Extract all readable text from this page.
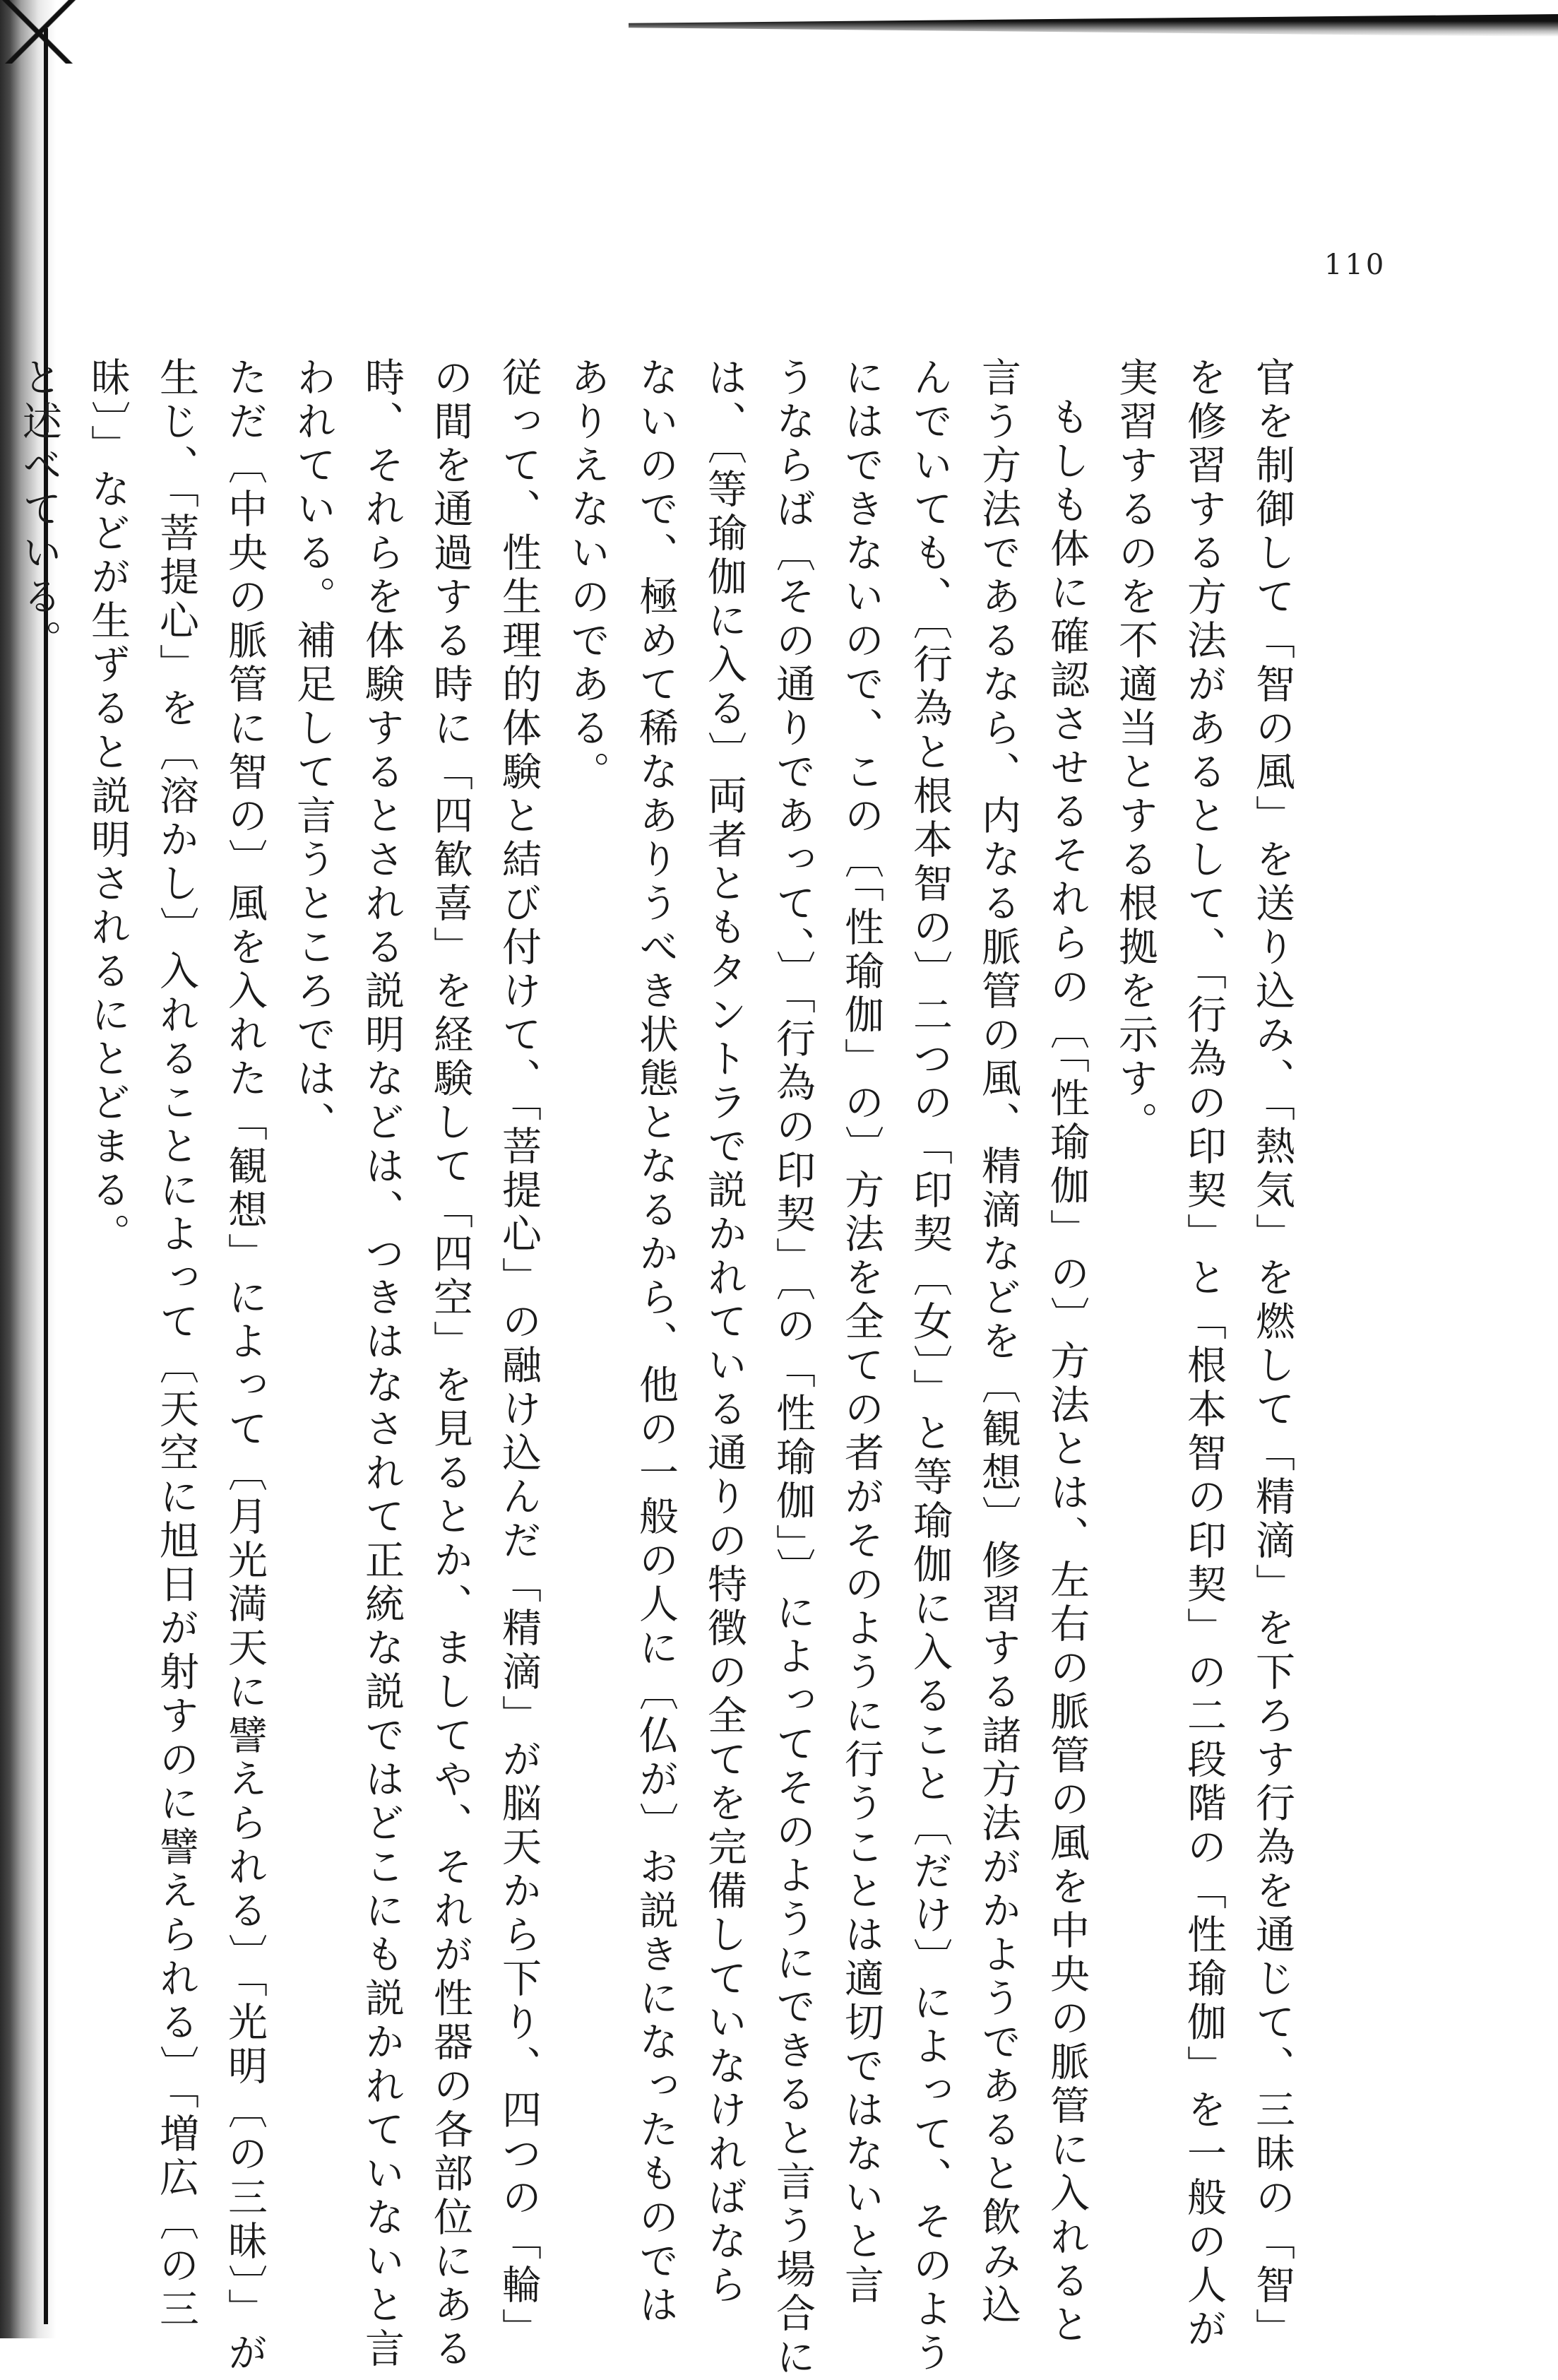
110
官を制御して「智の風」を送り込み、「熱気」を燃して「精滴」を下ろす行為を通じて、三昧の「智」
を修習する方法があるとして、「行為の印契」と「根本智の印契」の二段階の「性瑜伽」を一般の人が
実習するのを不適当とする根拠を示す。
もしも体に確認させるそれらの〔「性瑜伽」の〕方法とは、左右の脈管の風を中央の脈管に入れると
言う方法であるなら、内なる脈管の風、精滴などを〔観想〕修習する諸方法がかようであると飲み込
んでいても、〔行為と根本智の〕二つの「印契〔女〕」と等瑜伽に入ること〔だけ〕によって、そのよう
にはできないので、この〔「性瑜伽」の〕方法を全ての者がそのように行うことは適切ではないと言
うならば〔その通りであって、〕「行為の印契」〔の「性瑜伽」〕によってそのようにできると言う場合に
は、〔等瑜伽に入る〕両者ともタントラで説かれている通りの特徴の全てを完備していなければなら
ないので、極めて稀なありうべき状態となるから、他の一般の人に〔仏が〕お説きになったものでは
ありえないのである。
従って、性生理的体験と結び付けて、「菩提心」の融け込んだ「精滴」が脳天から下り、四つの「輪」
の間を通過する時に「四歓喜」を経験して「四空」を見るとか、ましてや、それが性器の各部位にある
時、それらを体験するとされる説明などは、つきはなされて正統な説ではどこにも説かれていないと言
われている。補足して言うところでは、
ただ〔中央の脈管に智の〕風を入れた「観想」によって〔月光満天に譬えられる〕「光明〔の三昧〕」が
生じ、「菩提心」を〔溶かし〕入れることによって〔天空に旭日が射すのに譬えられる〕「増広〔の三
昧〕」などが生ずると説明されるにとどまる。
と述べている。
